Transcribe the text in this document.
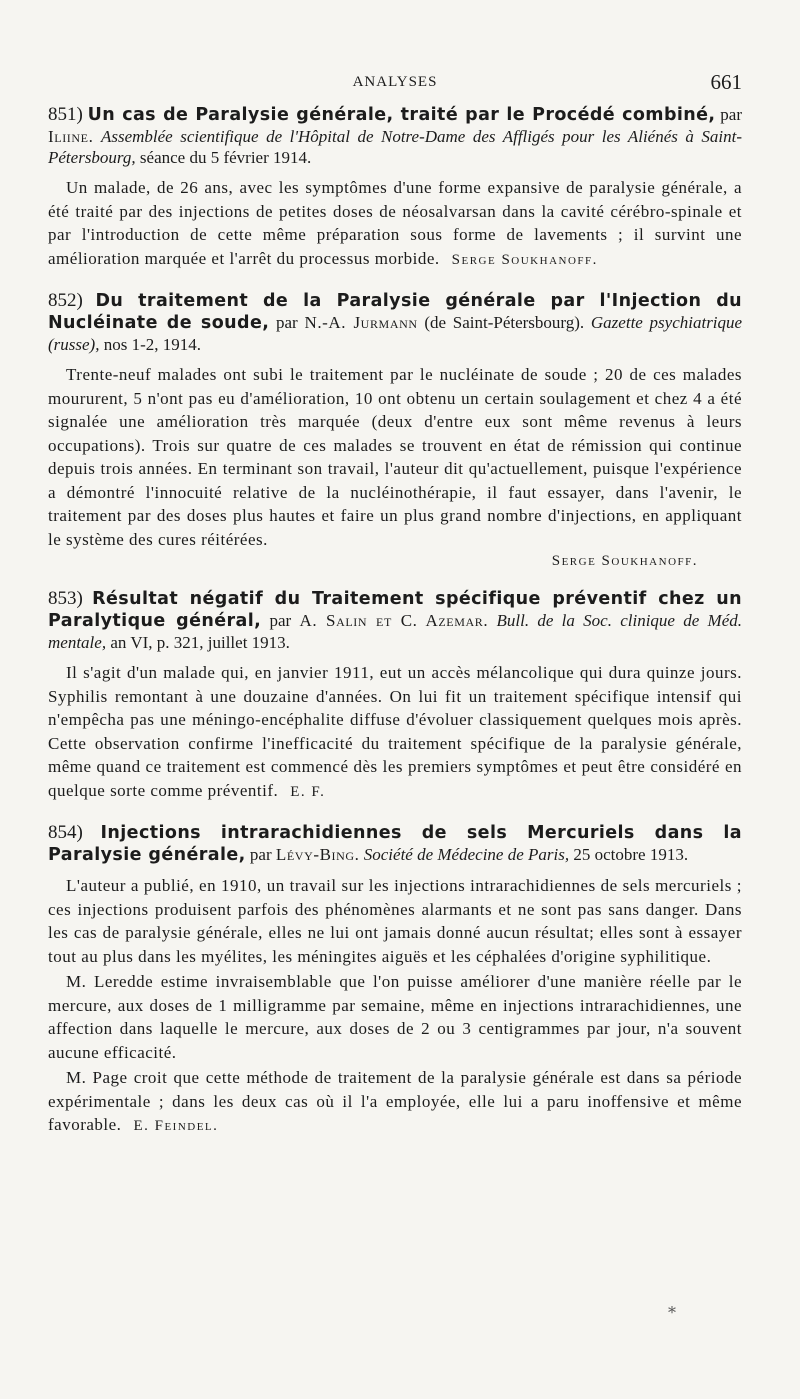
ANALYSES	661
851) Un cas de Paralysie générale, traité par le Procédé combiné, par Iliine. Assemblée scientifique de l'Hôpital de Notre-Dame des Affligés pour les Aliénés à Saint-Pétersbourg, séance du 5 février 1914.

Un malade, de 26 ans, avec les symptômes d'une forme expansive de paralysie générale, a été traité par des injections de petites doses de néosalvarsan dans la cavité cérébro-spinale et par l'introduction de cette même préparation sous forme de lavements ; il survint une amélioration marquée et l'arrêt du processus morbide. Serge Soukhanoff.

852) Du traitement de la Paralysie générale par l'Injection du Nucléinate de soude, par N.-A. Jurmann (de Saint-Pétersbourg). Gazette psychiatrique (russe), nos 1-2, 1914.

Trente-neuf malades ont subi le traitement par le nucléinate de soude ; 20 de ces malades moururent, 5 n'ont pas eu d'amélioration, 10 ont obtenu un certain soulagement et chez 4 a été signalée une amélioration très marquée (deux d'entre eux sont même revenus à leurs occupations). Trois sur quatre de ces malades se trouvent en état de rémission qui continue depuis trois années. En terminant son travail, l'auteur dit qu'actuellement, puisque l'expérience a démontré l'innocuité relative de la nucléinothérapie, il faut essayer, dans l'avenir, le traitement par des doses plus hautes et faire un plus grand nombre d'injections, en appliquant le système des cures réitérées.

Serge Soukhanoff.
853) Résultat négatif du Traitement spécifique préventif chez un Paralytique général, par A. Salin et C. Azemar. Bull. de la Soc. clinique de Méd. mentale, an VI, p. 321, juillet 1913.

Il s'agit d'un malade qui, en janvier 1911, eut un accès mélancolique qui dura quinze jours. Syphilis remontant à une douzaine d'années. On lui fit un traitement spécifique intensif qui n'empêcha pas une méningo-encéphalite diffuse d'évoluer classiquement quelques mois après. Cette observation confirme l'inefficacité du traitement spécifique de la paralysie générale, même quand ce traitement est commencé dès les premiers symptômes et peut être considéré en quelque sorte comme préventif. E. F.

854) Injections intrarachidiennes de sels Mercuriels dans la Paralysie générale, par Lévy-Bing. Société de Médecine de Paris, 25 octobre 1913.

L'auteur a publié, en 1910, un travail sur les injections intrarachidiennes de sels mercuriels ; ces injections produisent parfois des phénomènes alarmants et ne sont pas sans danger. Dans les cas de paralysie générale, elles ne lui ont jamais donné aucun résultat; elles sont à essayer tout au plus dans les myélites, les méningites aiguës et les céphalées d'origine syphilitique.

M. Leredde estime invraisemblable que l'on puisse améliorer d'une manière réelle par le mercure, aux doses de 1 milligramme par semaine, même en injections intrarachidiennes, une affection dans laquelle le mercure, aux doses de 2 ou 3 centigrammes par jour, n'a souvent aucune efficacité.

M. Page croit que cette méthode de traitement de la paralysie générale est dans sa période expérimentale ; dans les deux cas où il l'a employée, elle lui a paru inoffensive et même favorable. E. Feindel.

*
